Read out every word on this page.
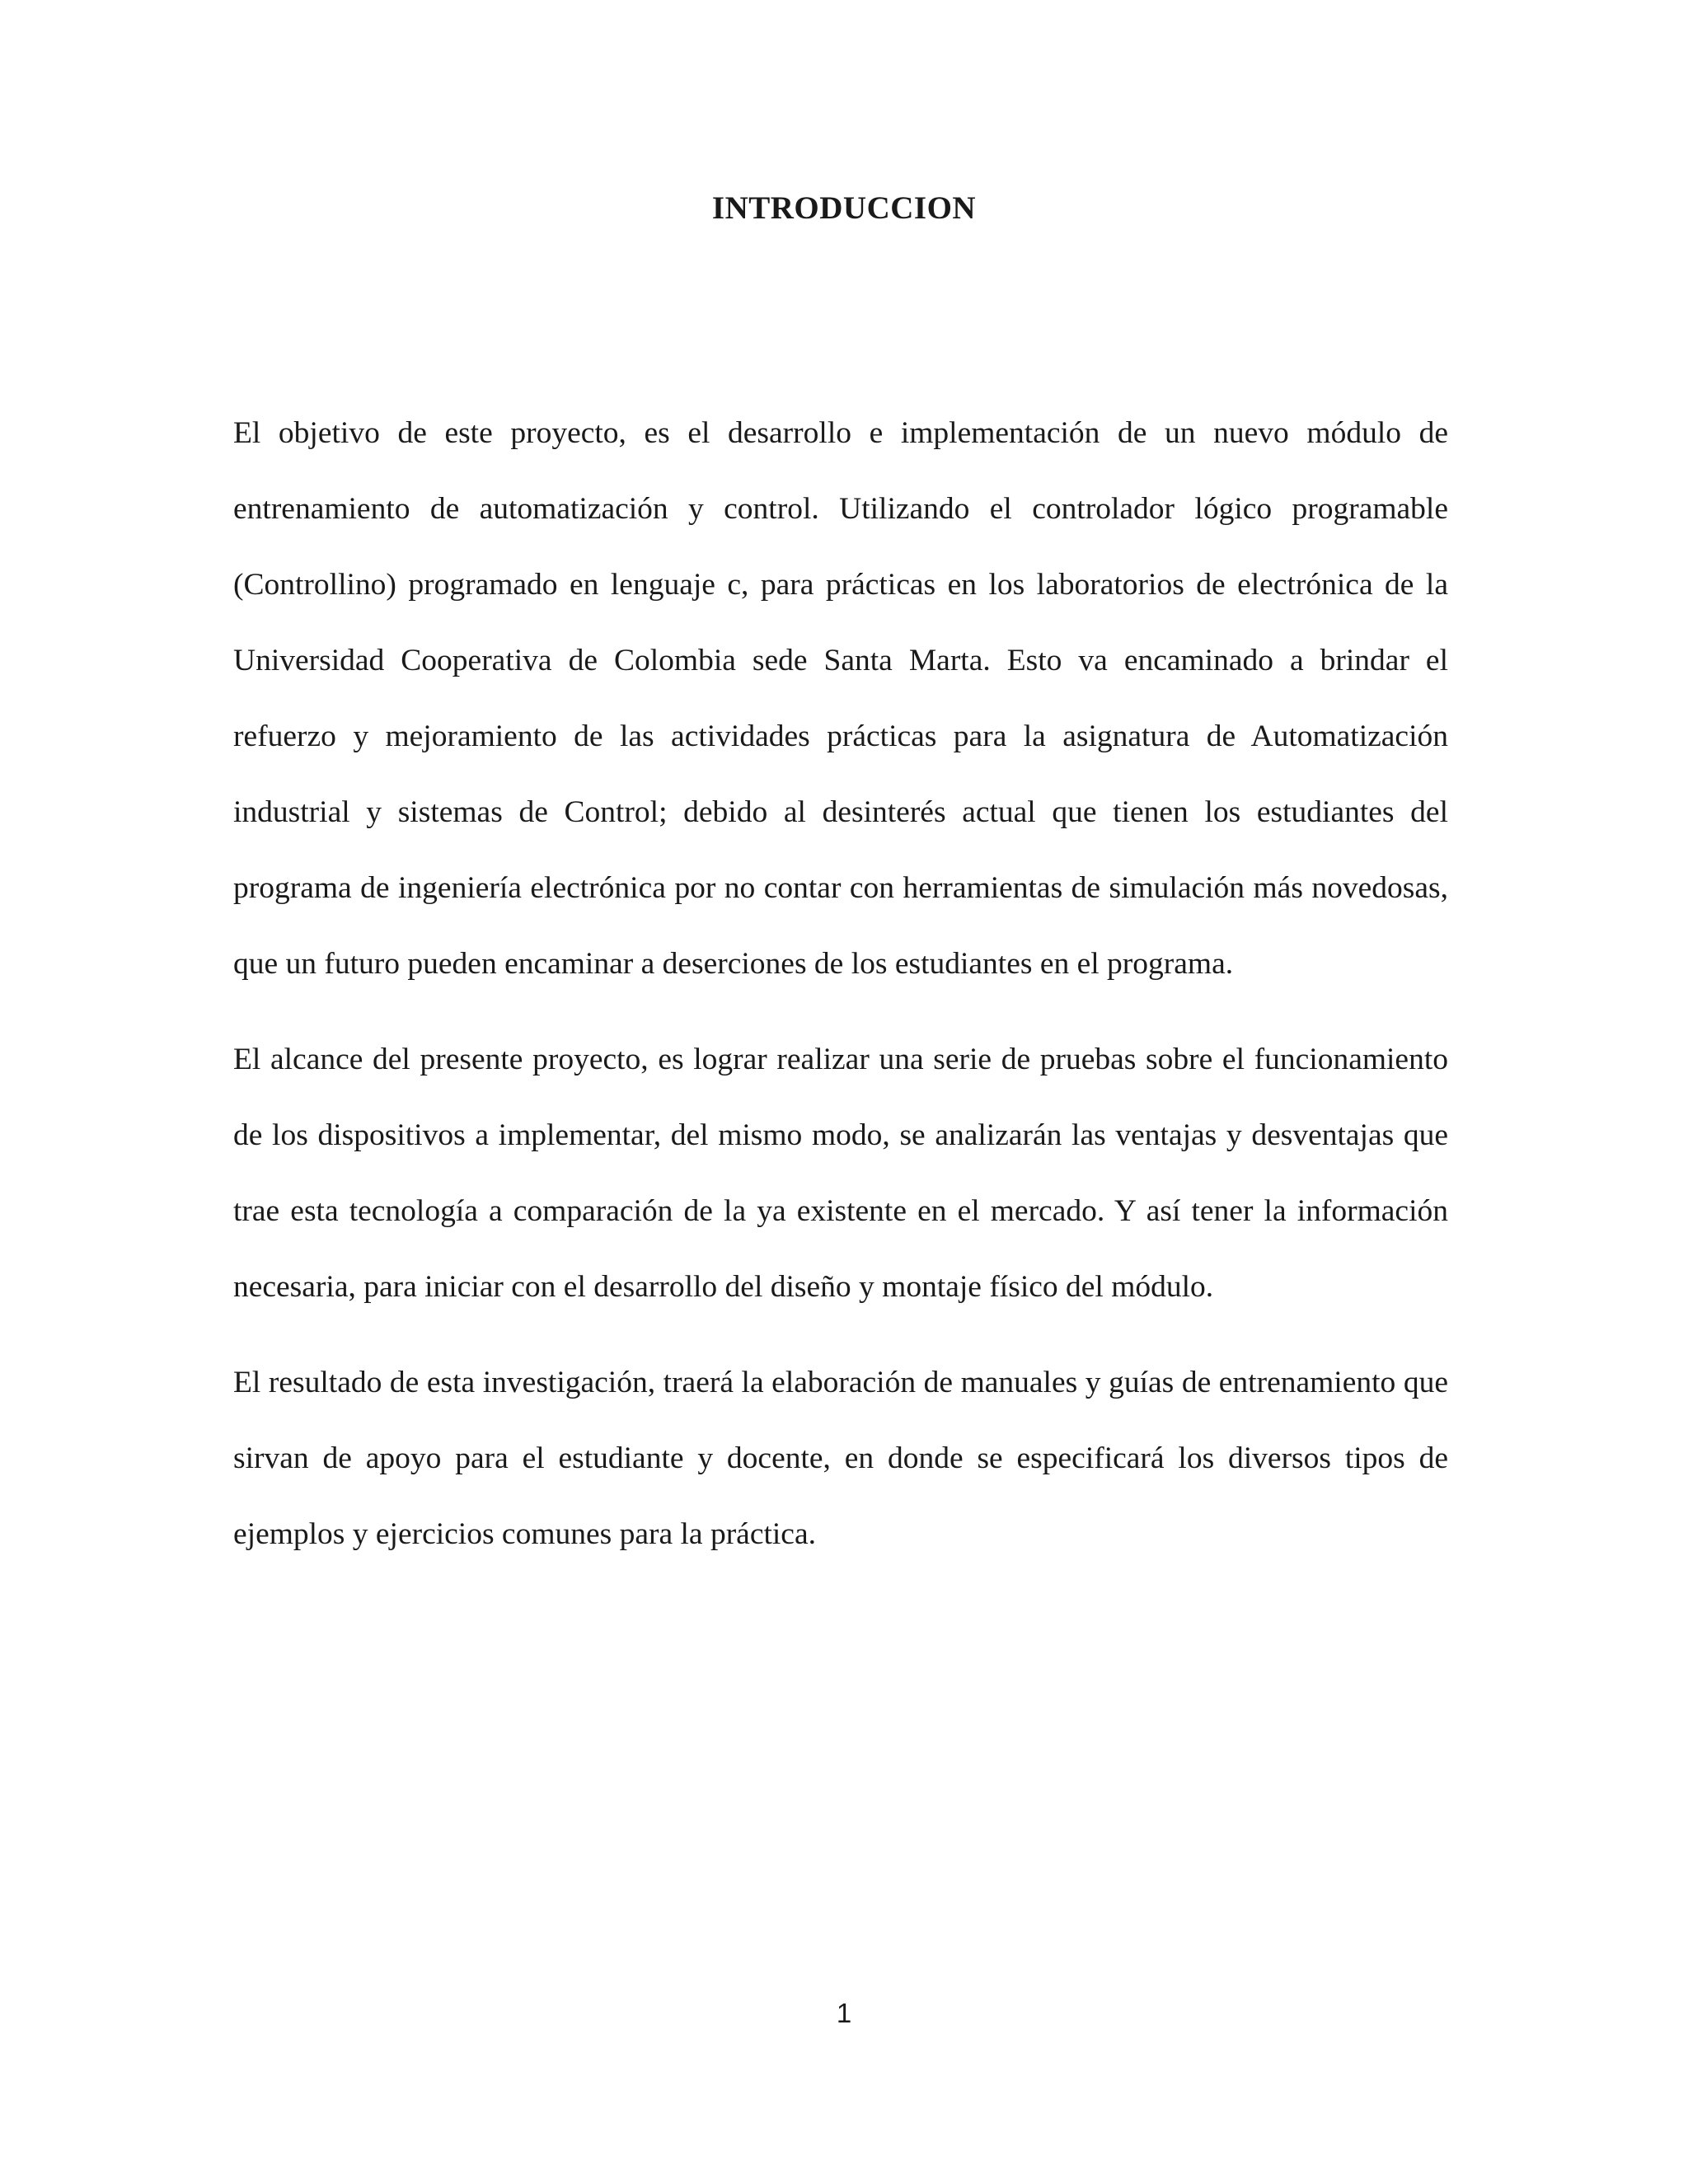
INTRODUCCION

El objetivo de este proyecto, es el desarrollo e implementación de un nuevo módulo de entrenamiento de automatización y control. Utilizando el controlador lógico programable (Controllino) programado en lenguaje c, para prácticas en los laboratorios de electrónica de la Universidad Cooperativa de Colombia sede Santa Marta. Esto va encaminado a brindar el refuerzo y mejoramiento de las actividades prácticas para la asignatura de Automatización industrial y sistemas de Control; debido al desinterés actual que tienen los estudiantes del programa de ingeniería electrónica por no contar con herramientas de simulación más novedosas, que un futuro pueden encaminar a deserciones de los estudiantes en el programa.

El alcance del presente proyecto, es lograr realizar una serie de pruebas sobre el funcionamiento de los dispositivos a implementar, del mismo modo, se analizarán las ventajas y desventajas que trae esta tecnología a comparación de la ya existente en el mercado. Y así tener la información necesaria, para iniciar con el desarrollo del diseño y montaje físico del módulo.

El resultado de esta investigación, traerá la elaboración de manuales y guías de entrenamiento que sirvan de apoyo para el estudiante y docente, en donde se especificará los diversos tipos de ejemplos y ejercicios comunes para la práctica.

1
